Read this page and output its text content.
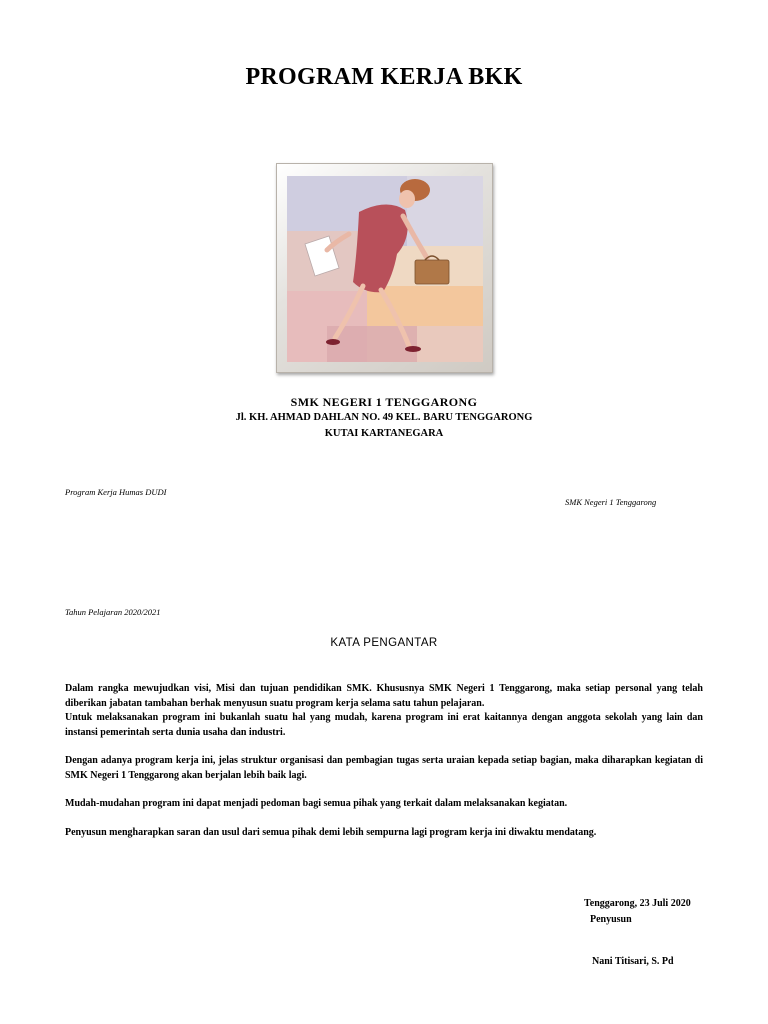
PROGRAM KERJA BKK
SMK NEGERI 1 TENGGARONG
Jl. KH. AHMAD DAHLAN NO. 49 KEL. BARU TENGGARONG
KUTAI KARTANEGARA
Program Kerja Humas DUDI
SMK Negeri 1 Tenggarong
Tahun Pelajaran 2020/2021
KATA PENGANTAR
Dalam rangka mewujudkan visi, Misi dan tujuan pendidikan SMK. Khususnya SMK Negeri 1 Tenggarong, maka setiap personal yang telah diberikan jabatan tambahan berhak menyusun suatu program kerja selama satu tahun pelajaran.
Untuk melaksanakan program ini bukanlah suatu hal yang mudah, karena program ini erat kaitannya dengan anggota sekolah yang lain dan instansi pemerintah serta dunia usaha dan industri.
Dengan adanya program kerja ini, jelas struktur organisasi dan pembagian tugas serta uraian kepada setiap bagian, maka diharapkan kegiatan di SMK Negeri 1 Tenggarong akan berjalan lebih baik lagi.
Mudah-mudahan program ini dapat menjadi pedoman bagi semua pihak yang terkait dalam melaksanakan kegiatan.
Penyusun mengharapkan saran dan usul dari semua pihak demi lebih sempurna lagi program kerja ini diwaktu mendatang.
Tenggarong, 23 Juli 2020
Penyusun
Nani Titisari, S. Pd
